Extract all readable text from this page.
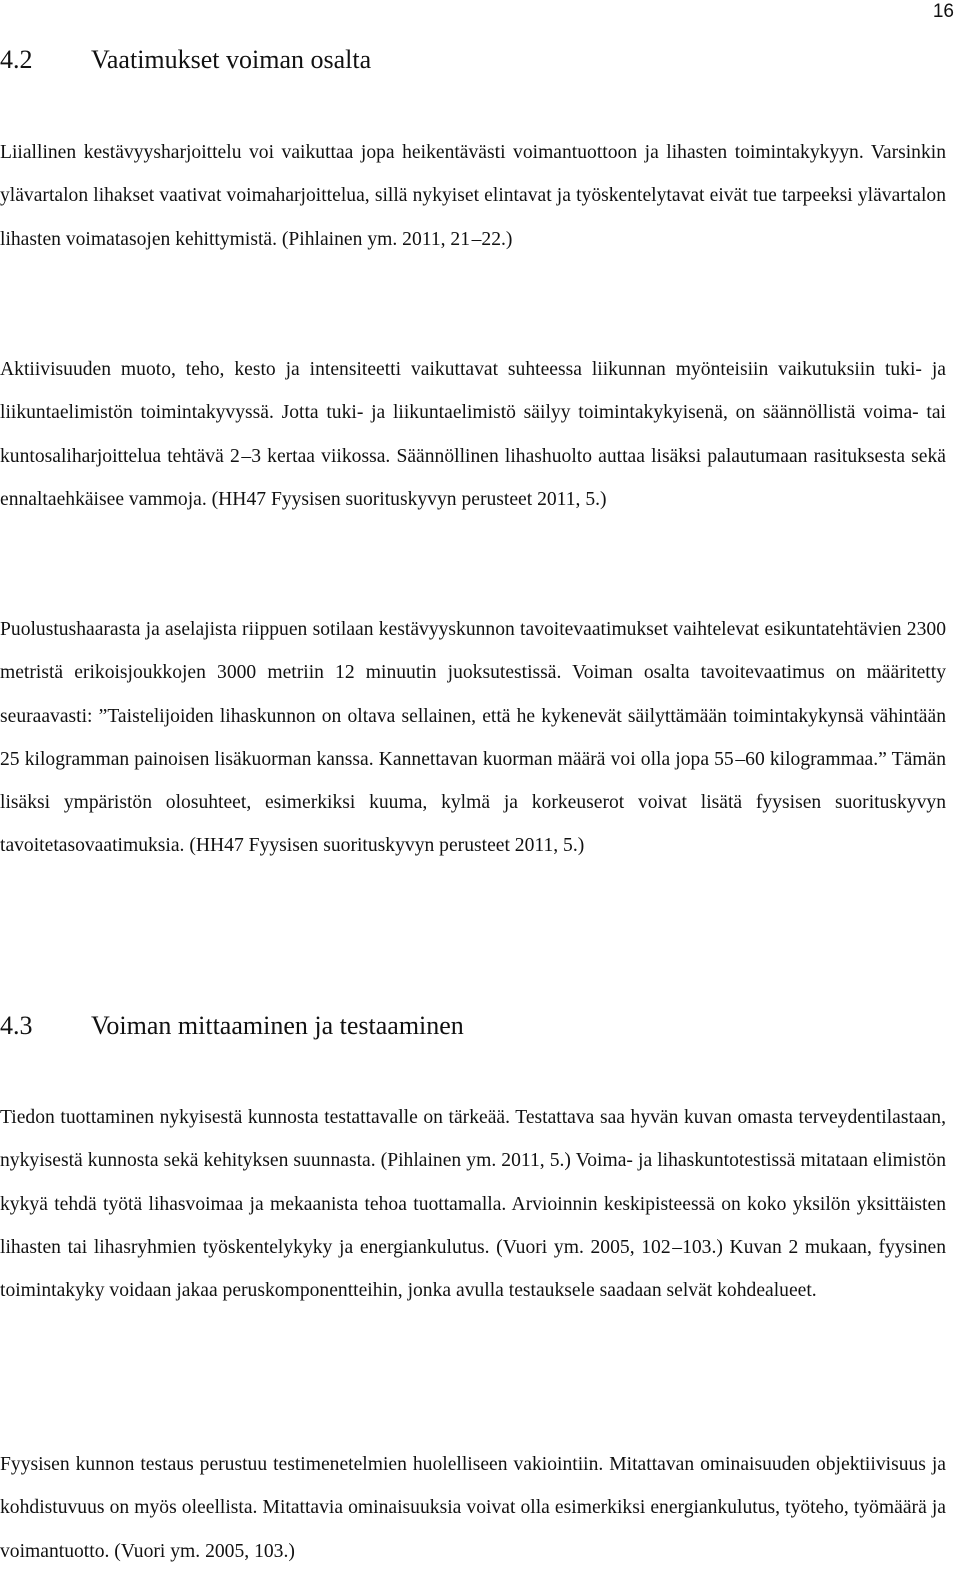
16
4.2 Vaatimukset voiman osalta

Liiallinen kestävyysharjoittelu voi vaikuttaa jopa heikentävästi voimantuottoon ja lihasten toimintakykyyn. Varsinkin ylävartalon lihakset vaativat voimaharjoittelua, sillä nykyiset elintavat ja työskentelytavat eivät tue tarpeeksi ylävartalon lihasten voimatasojen kehittymistä. (Pihlainen ym. 2011, 21 –22.)

Aktiivisuuden muoto, teho, kesto ja intensiteetti vaikuttavat suhteessa liikunnan myönteisiin vaikutuksiin tuki- ja liikuntaelimistön toimintakyvyssä. Jotta tuki- ja liikuntaelimistö säilyy toimintakykyisenä, on säännöllistä voima- tai kuntosaliharjoittelua tehtävä 2 –3 kertaa viikossa. Säännöllinen lihashuolto auttaa lisäksi palautumaan rasituksesta sekä ennaltaehkäisee vammoja. (HH47 Fyysisen suorituskyvyn perusteet 2011, 5.)

Puolustushaarasta ja aselajista riippuen sotilaan kestävyyskunnon tavoitevaatimukset vaihtelevat esikuntatehtävien 2300 metristä erikoisjoukkojen 3000 metriin 12 minuutin juoksutestissä. Voiman osalta tavoitevaatimus on määritetty seuraavasti: ”Taistelijoiden lihaskunnon on oltava sellainen, että he kykenevät säilyttämään toimintakykynsä vähintään 25 kilogramman painoisen lisäkuorman kanssa. Kannettavan kuorman määrä voi olla jopa 55 –60 kilogrammaa.” Tämän lisäksi ympäristön olosuhteet, esimerkiksi kuuma, kylmä ja korkeuserot voivat lisätä fyysisen suorituskyvyn tavoitetasovaatimuksia. (HH47 Fyysisen suorituskyvyn perusteet 2011, 5.)

4.3 Voiman mittaaminen ja testaaminen

Tiedon tuottaminen nykyisestä kunnosta testattavalle on tärkeää. Testattava saa hyvän kuvan omasta terveydentilastaan, nykyisestä kunnosta sekä kehityksen suunnasta. (Pihlainen ym. 2011, 5.) Voima- ja lihaskuntotestissä mitataan elimistön kykyä tehdä työtä lihasvoimaa ja mekaanista tehoa tuottamalla. Arvioinnin keskipisteessä on koko yksilön yksittäisten lihasten tai lihasryhmien työskentelykyky ja energiankulutus. (Vuori ym. 2005, 102 –103.) Kuvan 2 mukaan, fyysinen toimintakyky voidaan jakaa peruskomponentteihin, jonka avulla testauksele saadaan selvät kohdealueet.

Fyysisen kunnon testaus perustuu testimenetelmien huolelliseen vakiointiin. Mitattavan ominaisuuden objektiivisuus ja kohdistuvuus on myös oleellista. Mitattavia ominaisuuksia voivat olla esimerkiksi energiankulutus, työteho, työmäärä ja voimantuotto. (Vuori ym. 2005, 103.)
